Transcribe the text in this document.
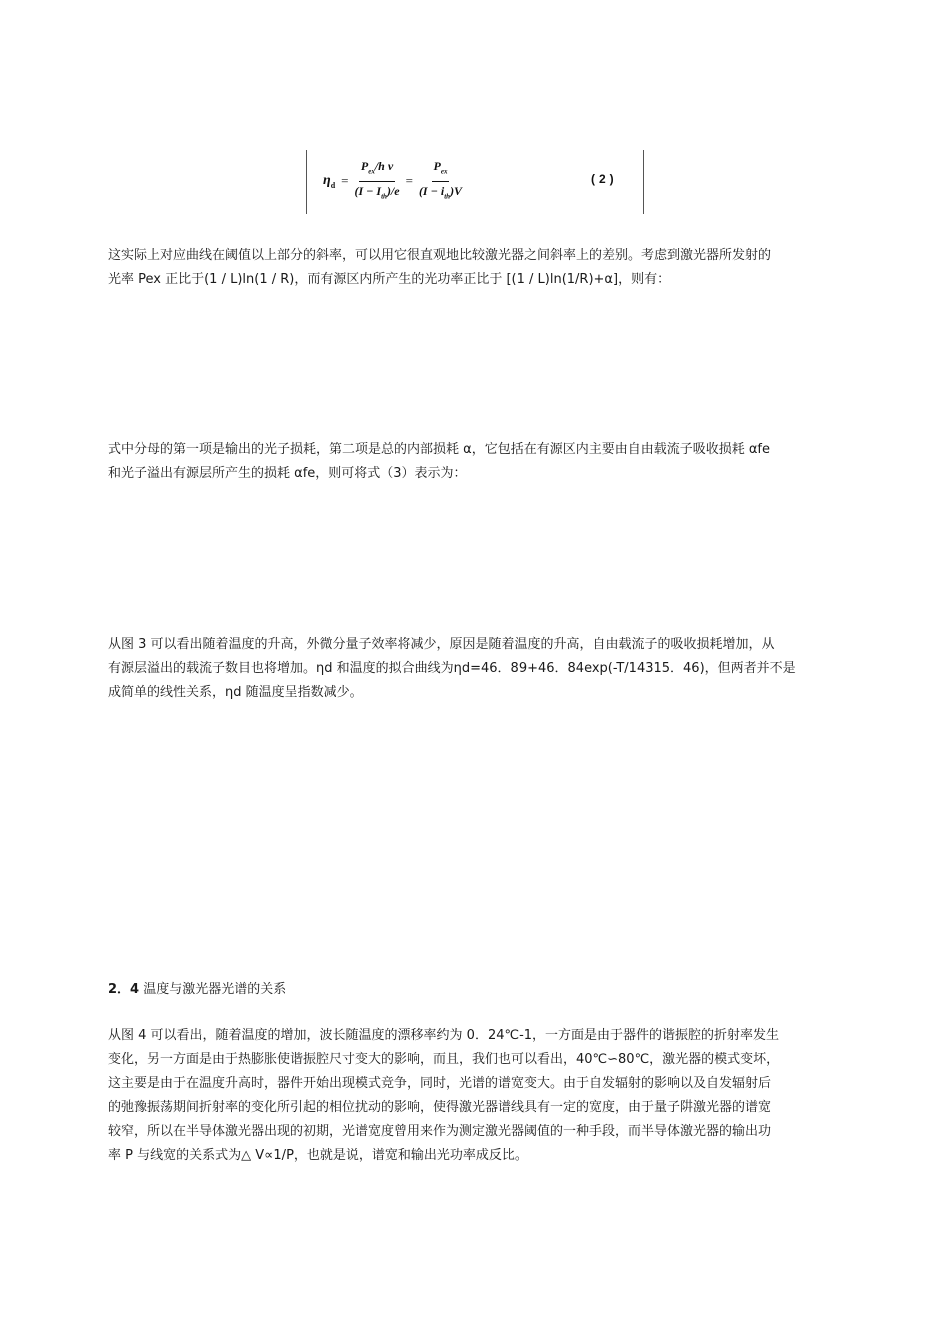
$\eta_d = \frac{P_{ex}/h \nu}{(I - I_{th})/e} = \frac{P_{ex}}{(I - i_{th})V}$	(2)
这实际上对应曲线在阈值以上部分的斜率，可以用它很直观地比较激光器之间斜率上的差别。考虑到激光器所发射的
光率 Pex 正比于(1 / L)ln(1 / R)，而有源区内所产生的光功率正比于 [(1 / L)ln(1/R)+α]，则有：
式中分母的第一项是输出的光子损耗，第二项是总的内部损耗 α，它包括在有源区内主要由自由载流子吸收损耗 αfe
和光子溢出有源层所产生的损耗 αfe，则可将式（3）表示为：
从图 3 可以看出随着温度的升高，外微分量子效率将减少，原因是随着温度的升高，自由载流子的吸收损耗增加，从
有源层溢出的载流子数目也将增加。ηd 和温度的拟合曲线为ηd=46．89+46．84exp(-T/14315．46)，但两者并不是
成简单的线性关系，ηd 随温度呈指数减少。
2．4 温度与激光器光谱的关系
从图 4 可以看出，随着温度的增加，波长随温度的漂移率约为 0．24℃-1，一方面是由于器件的谐振腔的折射率发生
变化，另一方面是由于热膨胀使谐振腔尺寸变大的影响，而且，我们也可以看出，40℃∽80℃，激光器的模式变坏，
这主要是由于在温度升高时，器件开始出现模式竞争，同时，光谱的谱宽变大。由于自发辐射的影响以及自发辐射后
的弛豫振荡期间折射率的变化所引起的相位扰动的影响，使得激光器谱线具有一定的宽度，由于量子阱激光器的谱宽
较窄，所以在半导体激光器出现的初期，光谱宽度曾用来作为测定激光器阈值的一种手段，而半导体激光器的输出功
率 P 与线宽的关系式为△ V∝1/P，也就是说，谱宽和输出光功率成反比。
